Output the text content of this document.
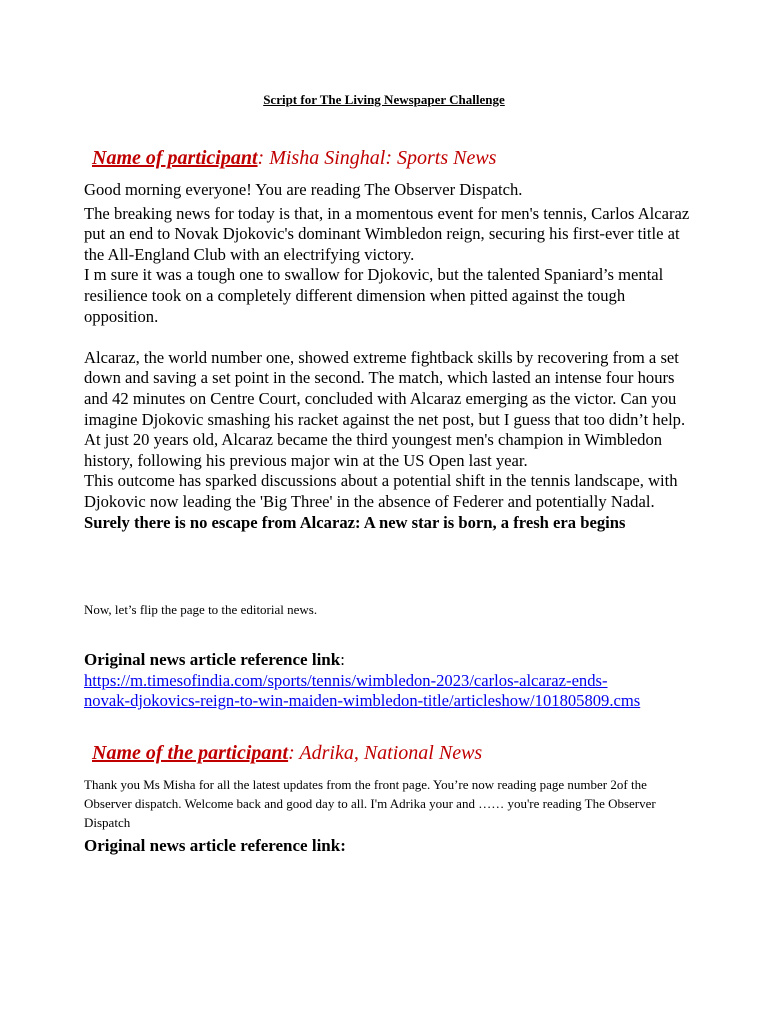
Script for The Living Newspaper Challenge
Name of participant: Misha Singhal: Sports News

Good morning everyone! You are reading The Observer Dispatch.

The breaking news for today is that, in a momentous event for men's tennis, Carlos Alcaraz put an end to Novak Djokovic's dominant Wimbledon reign, securing his first-ever title at the All-England Club with an electrifying victory.

I m sure it was a tough one to swallow for Djokovic, but the talented Spaniard’s mental resilience took on a completely different dimension when pitted against the tough opposition.

Alcaraz, the world number one, showed extreme fightback skills by recovering from a set down and saving a set point in the second. The match, which lasted an intense four hours and 42 minutes on Centre Court, concluded with Alcaraz emerging as the victor. Can you imagine Djokovic smashing his racket against the net post, but I guess that too didn’t help. At just 20 years old, Alcaraz became the third youngest men's champion in Wimbledon history, following his previous major win at the US Open last year.

This outcome has sparked discussions about a potential shift in the tennis landscape, with Djokovic now leading the 'Big Three' in the absence of Federer and potentially Nadal.

Surely there is no escape from Alcaraz: A new star is born, a fresh era begins

Now, let’s flip the page to the editorial news.

Original news article reference link:

https://m.timesofindia.com/sports/tennis/wimbledon-2023/carlos-alcaraz-ends-

novak-djokovics-reign-to-win-maiden-wimbledon-title/articleshow/101805809.cms

Name of the participant: Adrika, National News
Thank you Ms Misha for all the latest updates from the front page. You’re now reading page number 2of the Observer dispatch. Welcome back and good day to all. I'm Adrika your and …… you're reading The Observer Dispatch

Original news article reference link:
